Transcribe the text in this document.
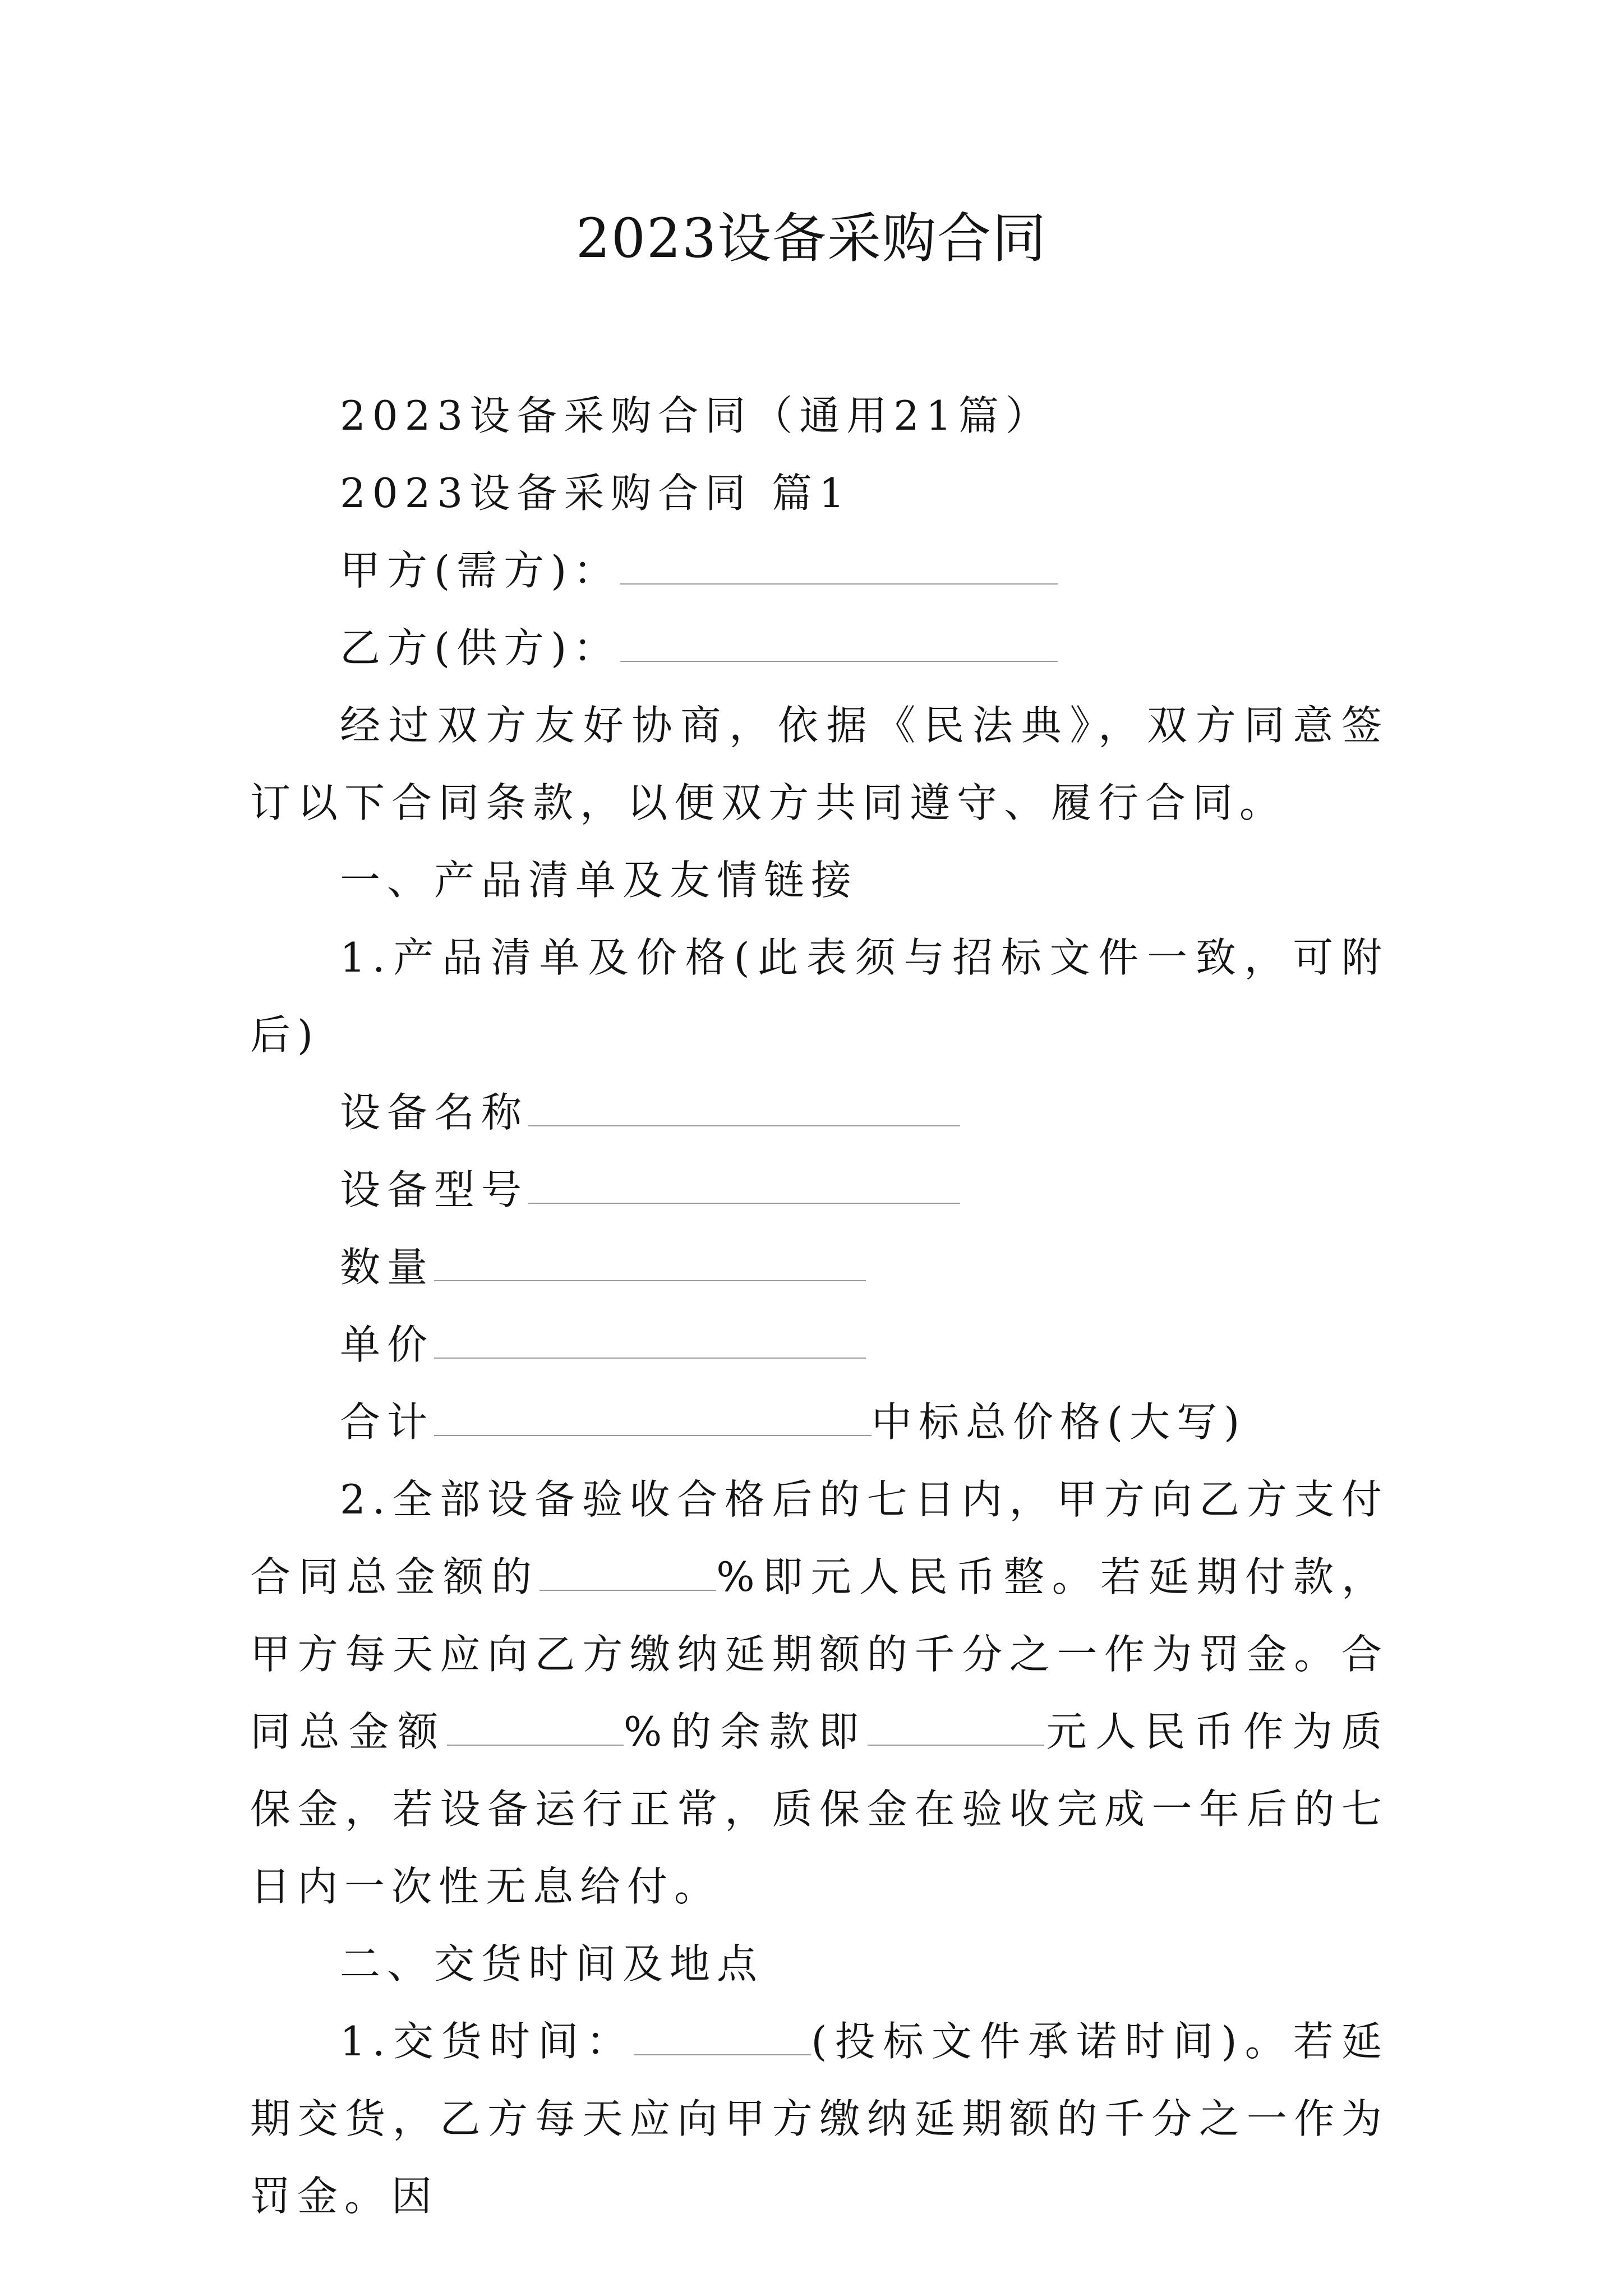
2023设备采购合同

2023设备采购合同（通用21篇）

2023设备采购合同 篇1

甲方(需方)：

乙方(供方)：

经过双方友好协商，依据《民法典》，双方同意签订以下合同条款，以便双方共同遵守、履行合同。

一、产品清单及友情链接

1.产品清单及价格(此表须与招标文件一致，可附后)

设备名称

设备型号

数量

单价

合计	中标总价格(大写)

2.全部设备验收合格后的七日内，甲方向乙方支付合同总金额的	%即元人民币整。若延期付款，甲方每天应向乙方缴纳延期额的千分之一作为罚金。合同总金额	%的余款即	元人民币作为质保金，若设备运行正常，质保金在验收完成一年后的七日内一次性无息给付。

二、交货时间及地点

1.交货时间：	(投标文件承诺时间)。若延期交货，乙方每天应向甲方缴纳延期额的千分之一作为罚金。因
